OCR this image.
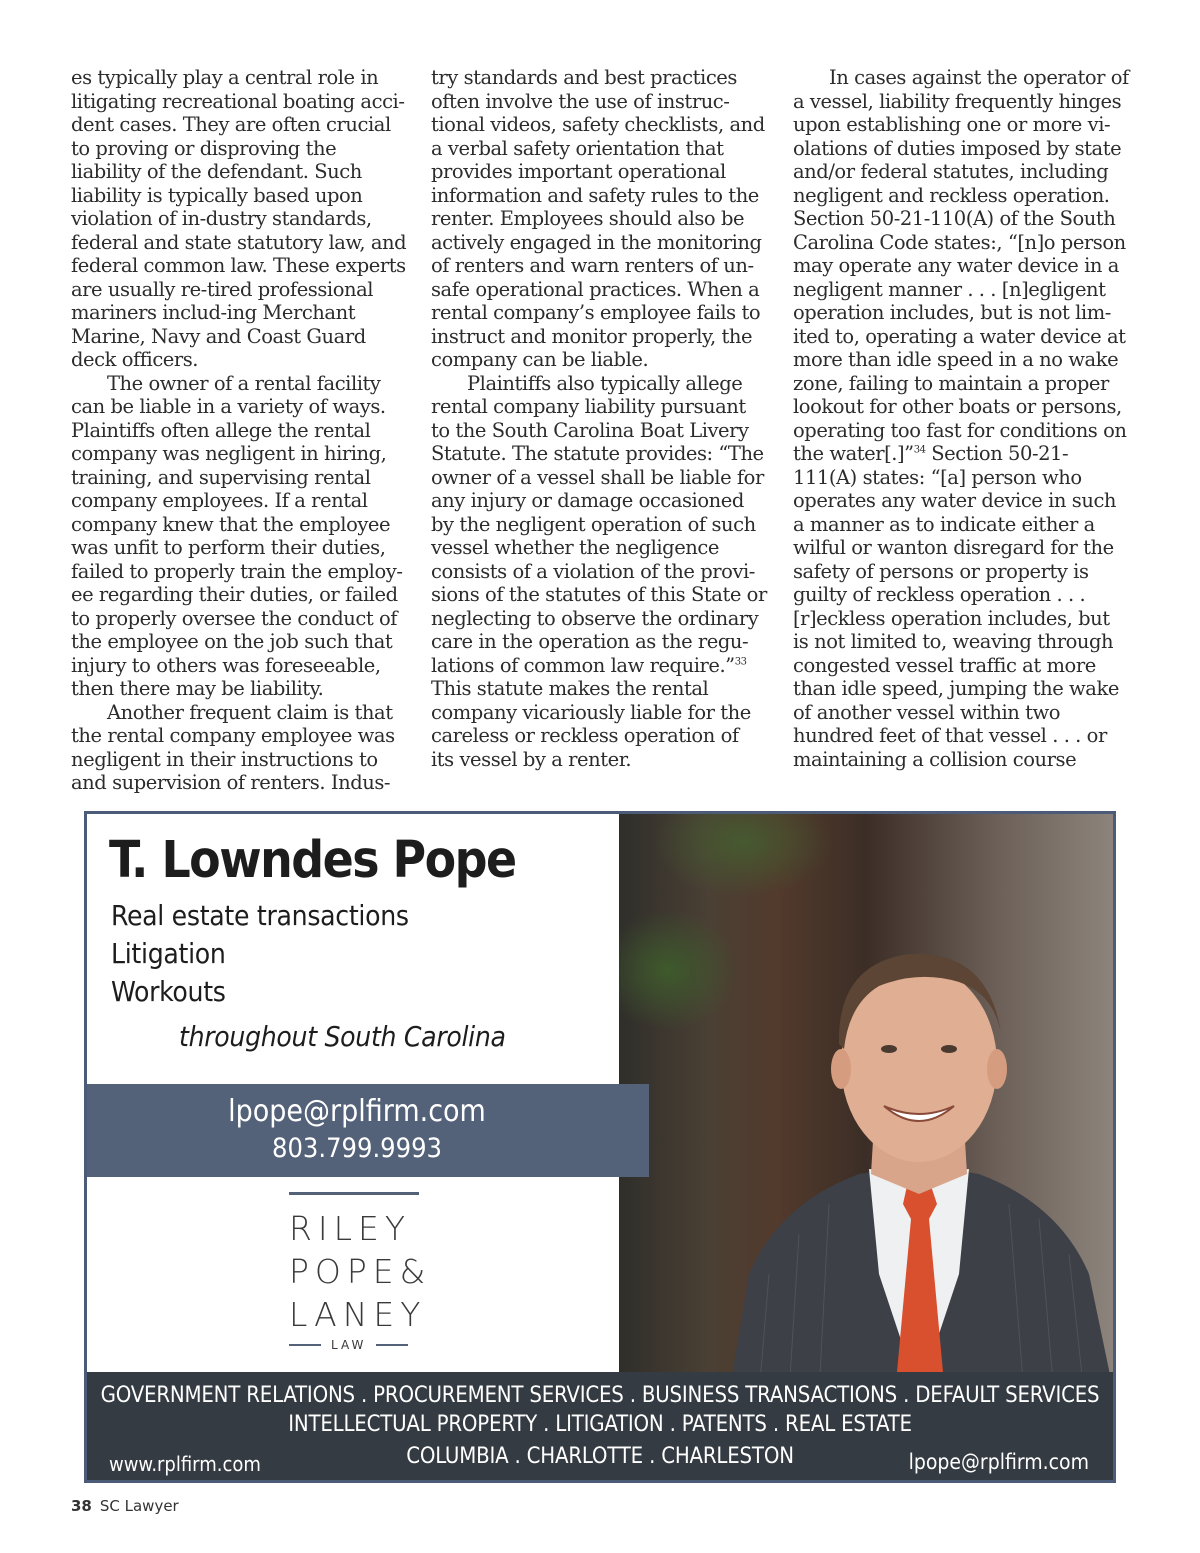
es typically play a central role in litigating recreational boating acci-dent cases. They are often crucial to proving or disproving the liability of the defendant. Such liability is typically based upon violation of in-dustry standards, federal and state statutory law, and federal common law. These experts are usually re-tired professional mariners includ-ing Merchant Marine, Navy and Coast Guard deck officers.

The owner of a rental facility can be liable in a variety of ways. Plaintiffs often allege the rental company was negligent in hiring, training, and supervising rental company employees. If a rental company knew that the employee was unfit to perform their duties, failed to properly train the employ-ee regarding their duties, or failed to properly oversee the conduct of the employee on the job such that injury to others was foreseeable, then there may be liability.

Another frequent claim is that the rental company employee was negligent in their instructions to and supervision of renters. Indus-

try standards and best practices often involve the use of instruc-tional videos, safety checklists, and a verbal safety orientation that provides important operational information and safety rules to the renter. Employees should also be actively engaged in the monitoring of renters and warn renters of un-safe operational practices. When a rental company’s employee fails to instruct and monitor properly, the company can be liable.

Plaintiffs also typically allege rental company liability pursuant to the South Carolina Boat Livery Statute. The statute provides: “The owner of a vessel shall be liable for any injury or damage occasioned by the negligent operation of such vessel whether the negligence consists of a violation of the provi-sions of the statutes of this State or neglecting to observe the ordinary care in the operation as the regu-lations of common law require.”$^{33}$ This statute makes the rental company vicariously liable for the careless or reckless operation of its vessel by a renter.

In cases against the operator of a vessel, liability frequently hinges upon establishing one or more vi-olations of duties imposed by state and/or federal statutes, including negligent and reckless operation. Section 50-21-110(A) of the South Carolina Code states:, “[n]o person may operate any water device in a negligent manner . . . [n]egligent operation includes, but is not lim-ited to, operating a water device at more than idle speed in a no wake zone, failing to maintain a proper lookout for other boats or persons, operating too fast for conditions on the water[.]”$^{34}$ Section 50-21-111(A) states: “[a] person who operates any water device in such a manner as to indicate either a wilful or wanton disregard for the safety of persons or property is guilty of reckless operation . . . [r]eckless operation includes, but is not limited to, weaving through congested vessel traffic at more than idle speed, jumping the wake of another vessel within two hundred feet of that vessel . . . or maintaining a collision course

T. Lowndes Pope
Real estate transactions
Litigation
Workouts
throughout South Carolina
RILEY
POPE&
LANEY
LAW
lpope@rplfirm.com
803.799.9993
GOVERNMENT RELATIONS . PROCUREMENT SERVICES . BUSINESS TRANSACTIONS . DEFAULT SERVICES
INTELLECTUAL PROPERTY . LITIGATION . PATENTS . REAL ESTATE
COLUMBIA . CHARLOTTE . CHARLESTON
www.rplfirm.com	lpope@rplfirm.com
38 SC Lawyer
